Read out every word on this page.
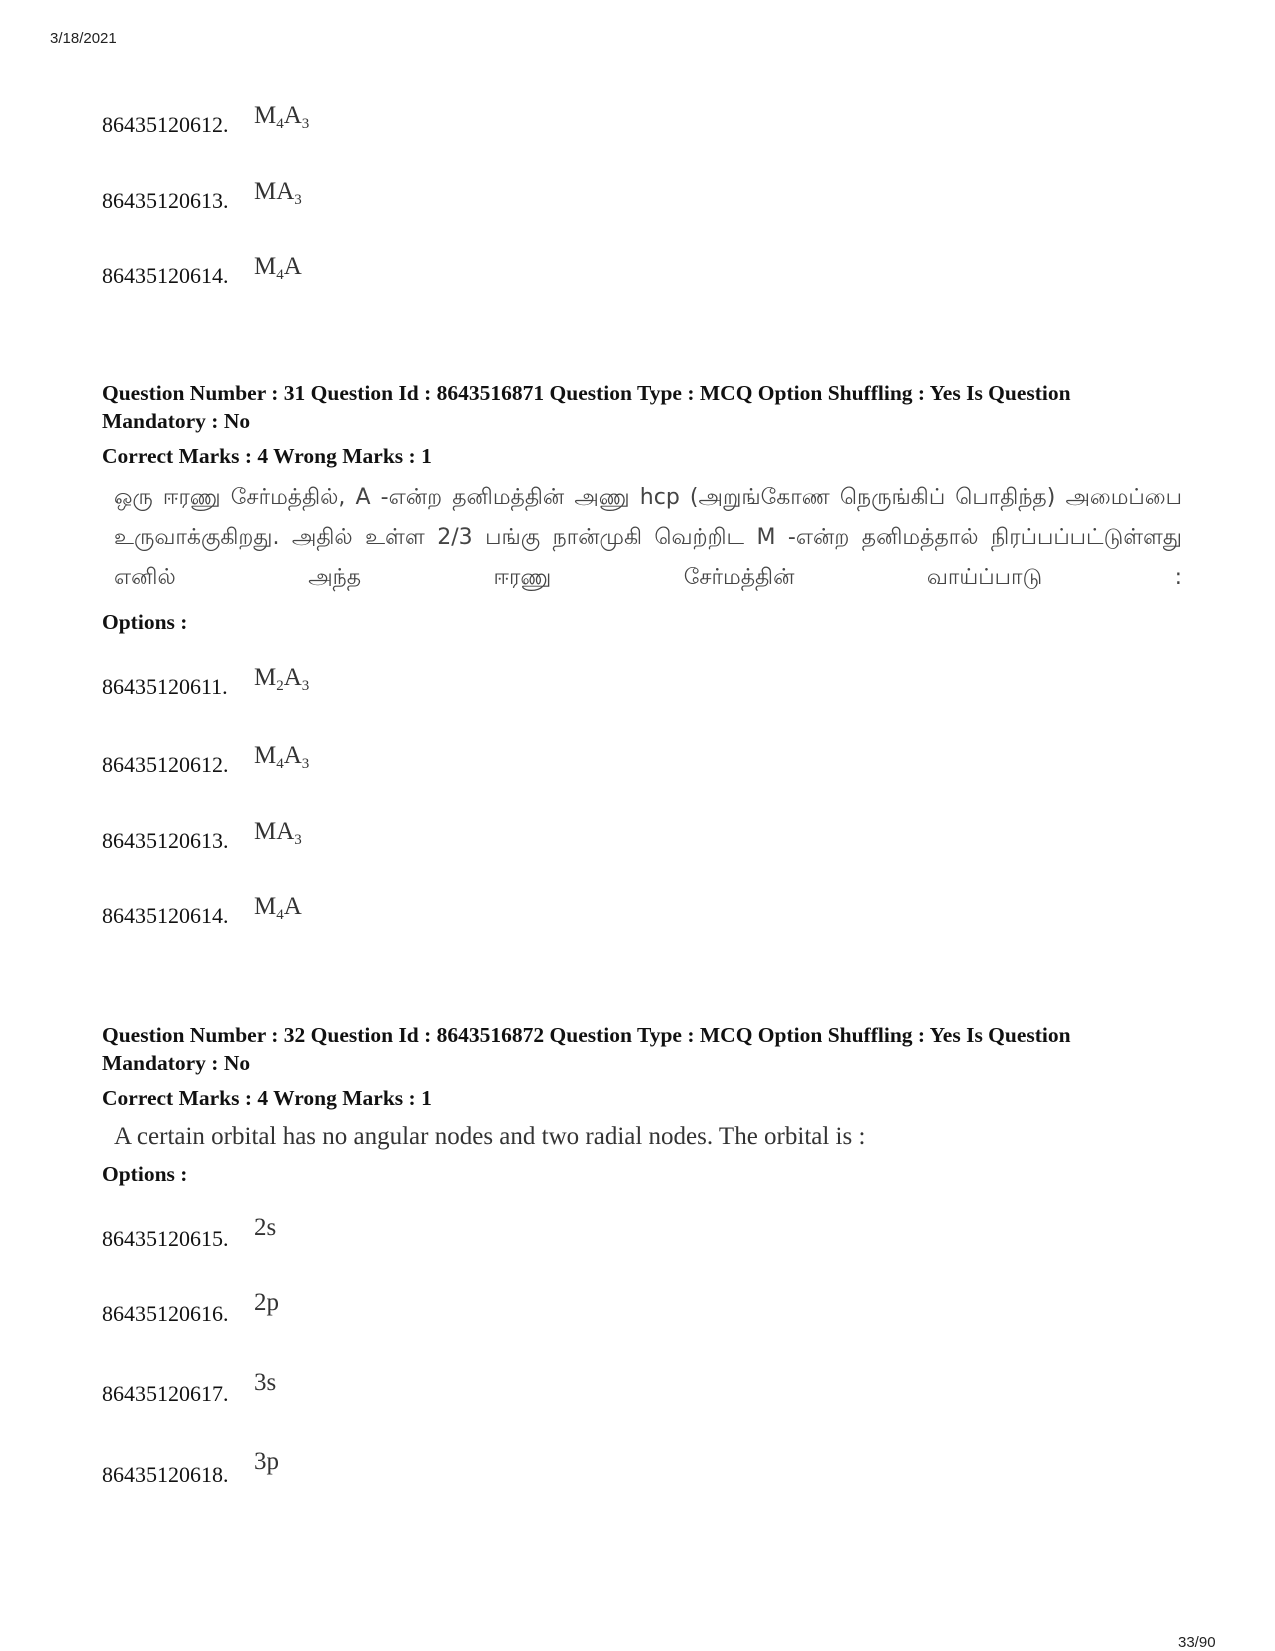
3/18/2021
86435120612. $M_4A_3$
86435120613. $MA_3$
86435120614. $M_4A$
Question Number : 31 Question Id : 8643516871 Question Type : MCQ Option Shuffling : Yes Is Question Mandatory : No
Correct Marks : 4 Wrong Marks : 1
ஒரு ஈரணு சேர்மத்தில், A -என்ற தனிமத்தின் அணு hcp (அறுங்கோண நெருங்கிப் பொதிந்த) அமைப்பை உருவாக்குகிறது. அதில் உள்ள 2/3 பங்கு நான்முகி வெற்றிட M -என்ற தனிமத்தால் நிரப்பப்பட்டுள்ளது எனில் அந்த ஈரணு சேர்மத்தின் வாய்ப்பாடு :
Options :
86435120611. $M_2A_3$
86435120612. $M_4A_3$
86435120613. $MA_3$
86435120614. $M_4A$
Question Number : 32 Question Id : 8643516872 Question Type : MCQ Option Shuffling : Yes Is Question Mandatory : No
Correct Marks : 4 Wrong Marks : 1
A certain orbital has no angular nodes and two radial nodes. The orbital is :
Options :
86435120615. 2s
86435120616. 2p
86435120617. 3s
86435120618. 3p
33/90
